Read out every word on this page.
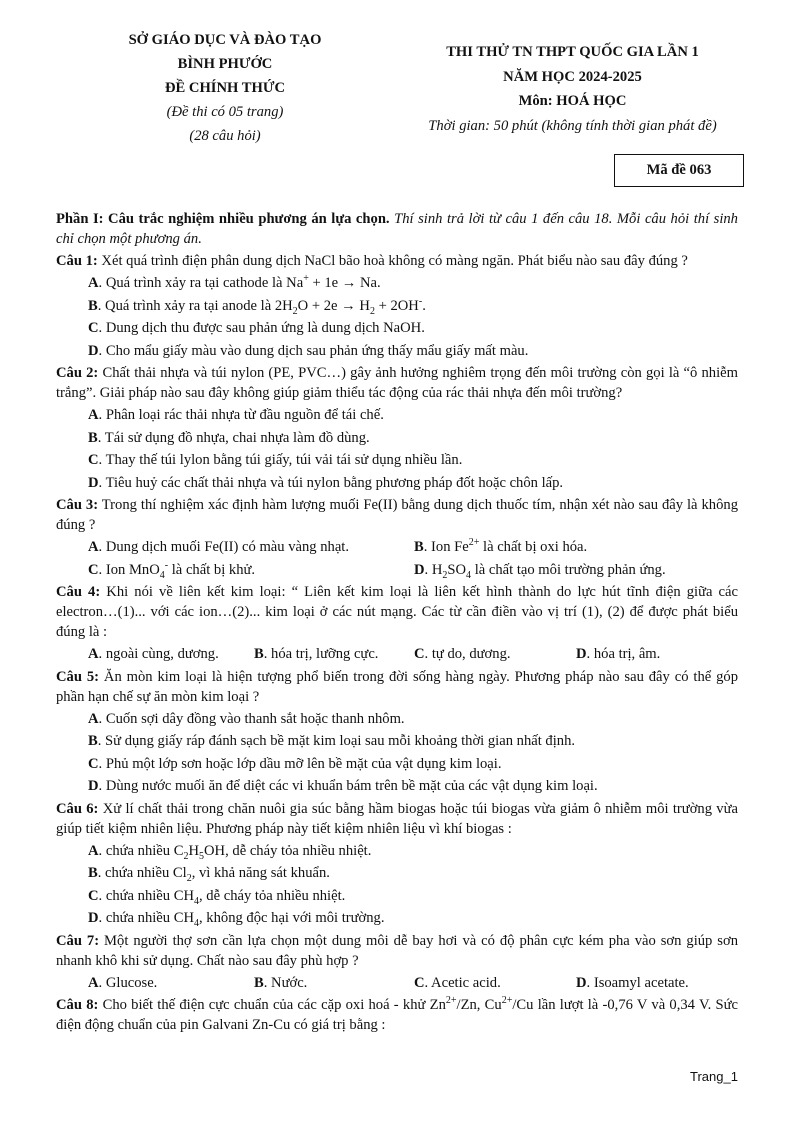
SỞ GIÁO DỤC VÀ ĐÀO TẠO
BÌNH PHƯỚC
ĐỀ CHÍNH THỨC
(Đề thi có 05 trang)
(28 câu hỏi)
THI THỬ TN THPT QUỐC GIA LẦN 1
NĂM HỌC 2024-2025
Môn: HOÁ HỌC
Thời gian: 50 phút (không tính thời gian phát đề)
Mã đề 063

Phần I: Câu trắc nghiệm nhiều phương án lựa chọn. Thí sinh trả lời từ câu 1 đến câu 18. Mỗi câu hỏi thí sinh chỉ chọn một phương án.

Câu 1: Xét quá trình điện phân dung dịch NaCl bão hoà không có màng ngăn. Phát biểu nào sau đây đúng ?

A. Quá trình xảy ra tại cathode là Na+ + 1e → Na.
B. Quá trình xảy ra tại anode là $2H_2O + 2e \to H_2 + 2OH^-$.
C. Dung dịch thu được sau phản ứng là dung dịch NaOH.
D. Cho mẩu giấy màu vào dung dịch sau phản ứng thấy mẩu giấy mất màu.

Câu 2: Chất thải nhựa và túi nylon (PE, PVC…) gây ảnh hưởng nghiêm trọng đến môi trường còn gọi là “ô nhiễm trắng”. Giải pháp nào sau đây không giúp giảm thiểu tác động của rác thải nhựa đến môi trường?

A. Phân loại rác thải nhựa từ đầu nguồn để tái chế.
B. Tái sử dụng đồ nhựa, chai nhựa làm đồ dùng.
C. Thay thế túi lylon bằng túi giấy, túi vải tái sử dụng nhiều lần.
D. Tiêu huỷ các chất thải nhựa và túi nylon bằng phương pháp đốt hoặc chôn lấp.

Câu 3: Trong thí nghiệm xác định hàm lượng muối Fe(II) bằng dung dịch thuốc tím, nhận xét nào sau đây là không đúng ?

A. Dung dịch muối Fe(II) có màu vàng nhạt.	B. Ion $Fe^{2+}$ là chất bị oxi hóa.
C. Ion MnO$_4$- là chất bị khử.	D. $H_2SO_4$ là chất tạo môi trường phản ứng.

Câu 4: Khi nói về liên kết kim loại: “ Liên kết kim loại là liên kết hình thành do lực hút tĩnh điện giữa các electron…(1)... với các ion…(2)... kim loại ở các nút mạng. Các từ cần điền vào vị trí (1), (2) để được phát biểu đúng là :

A. ngoài cùng, dương.	B. hóa trị, lưỡng cực.	C. tự do, dương.	D. hóa trị, âm.

Câu 5: Ăn mòn kim loại là hiện tượng phổ biến trong đời sống hàng ngày. Phương pháp nào sau đây có thể góp phần hạn chế sự ăn mòn kim loại ?

A. Cuốn sợi dây đồng vào thanh sắt hoặc thanh nhôm.
B. Sử dụng giấy ráp đánh sạch bề mặt kim loại sau mỗi khoảng thời gian nhất định.
C. Phủ một lớp sơn hoặc lớp dầu mỡ lên bề mặt của vật dụng kim loại.
D. Dùng nước muối ăn để diệt các vi khuẩn bám trên bề mặt của các vật dụng kim loại.

Câu 6: Xử lí chất thải trong chăn nuôi gia súc bằng hầm biogas hoặc túi biogas vừa giảm ô nhiễm môi trường vừa giúp tiết kiệm nhiên liệu. Phương pháp này tiết kiệm nhiên liệu vì khí biogas :

A. chứa nhiều $C_2H_5OH$, dễ cháy tỏa nhiều nhiệt.
B. chứa nhiều $Cl_2$, vì khả năng sát khuẩn.
C. chứa nhiều $CH_4$, dễ cháy tỏa nhiều nhiệt.
D. chứa nhiều $CH_4$, không độc hại với môi trường.

Câu 7: Một người thợ sơn cần lựa chọn một dung môi dễ bay hơi và có độ phân cực kém pha vào sơn giúp sơn nhanh khô khi sử dụng. Chất nào sau đây phù hợp ?

A. Glucose.	B. Nước.	C. Acetic acid.	D. Isoamyl acetate.

Câu 8: Cho biết thế điện cực chuẩn của các cặp oxi hoá - khử $Zn^{2+}/Zn$, $Cu^{2+}/Cu$ lần lượt là -0,76 V và 0,34 V. Sức điện động chuẩn của pin Galvani Zn-Cu có giá trị bằng :

Trang_1
